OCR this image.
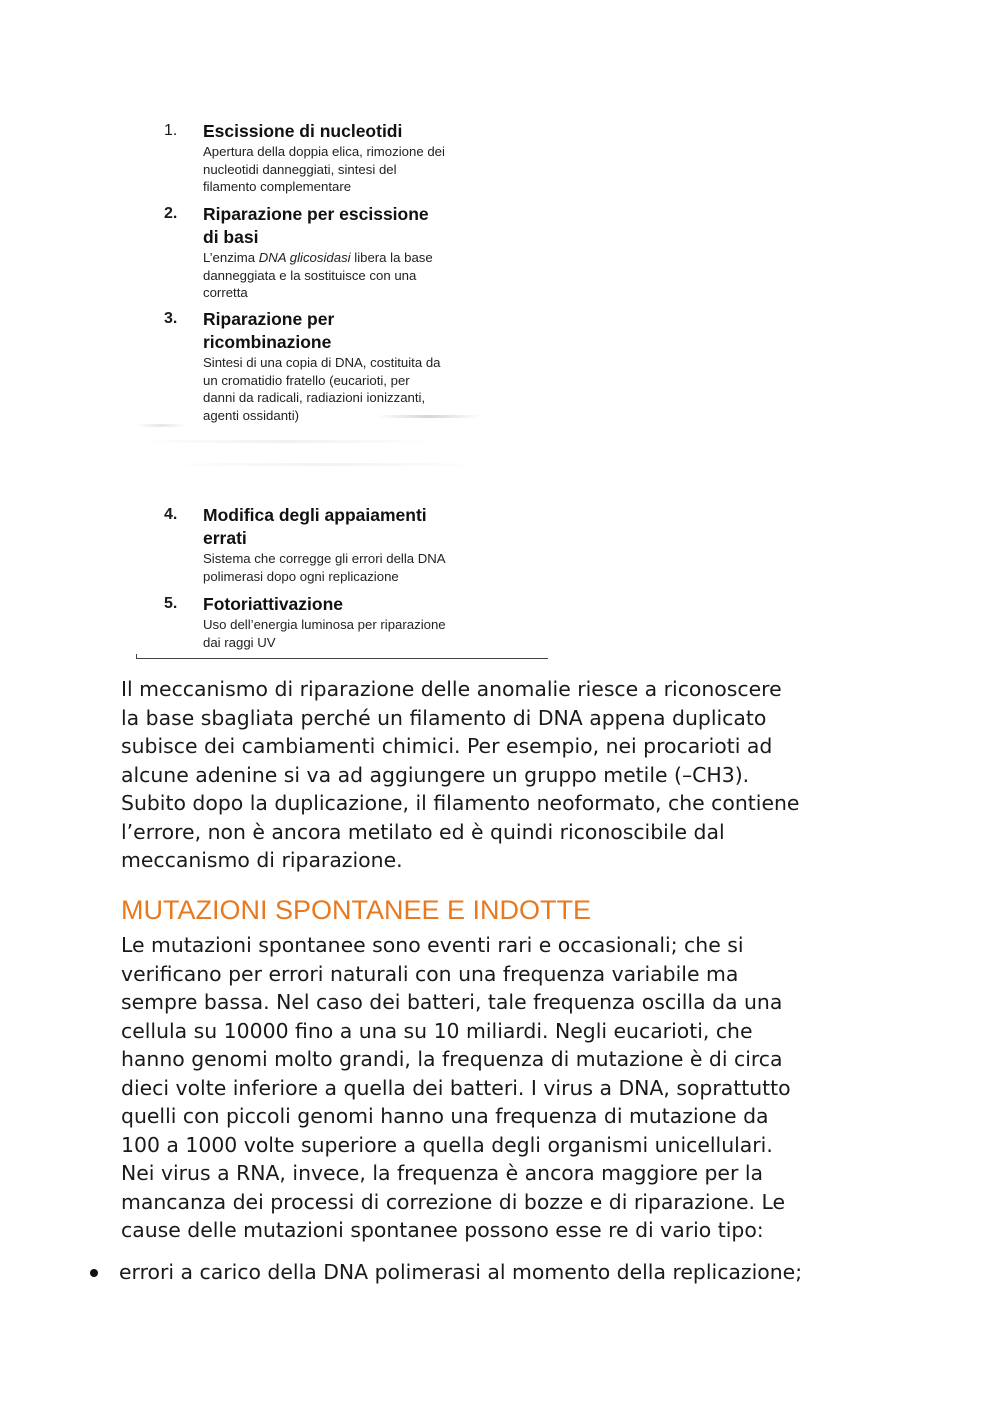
1. Escissione di nucleotidi
Apertura della doppia elica, rimozione dei
nucleotidi danneggiati, sintesi del
filamento complementare
2. Riparazione per escissione
di basi
L’enzima DNA glicosidasi libera la base
danneggiata e la sostituisce con una
corretta
3. Riparazione per
ricombinazione
Sintesi di una copia di DNA, costituita da
un cromatidio fratello (eucarioti, per
danni da radicali, radiazioni ionizzanti,
agenti ossidanti)
4. Modifica degli appaiamenti
errati
Sistema che corregge gli errori della DNA
polimerasi dopo ogni replicazione
5. Fotoriattivazione
Uso dell’energia luminosa per riparazione
dai raggi UV

Il meccanismo di riparazione delle anomalie riesce a riconoscere
la base sbagliata perché un filamento di DNA appena duplicato
subisce dei cambiamenti chimici. Per esempio, nei procarioti ad
alcune adenine si va ad aggiungere un gruppo metile (–CH3).
Subito dopo la duplicazione, il filamento neoformato, che contiene
l’errore, non è ancora metilato ed è quindi riconoscibile dal
meccanismo di riparazione.

MUTAZIONI SPONTANEE E INDOTTE

Le mutazioni spontanee sono eventi rari e occasionali; che si
verificano per errori naturali con una frequenza variabile ma
sempre bassa. Nel caso dei batteri, tale frequenza oscilla da una
cellula su 10000 fino a una su 10 miliardi. Negli eucarioti, che
hanno genomi molto grandi, la frequenza di mutazione è di circa
dieci volte inferiore a quella dei batteri. I virus a DNA, soprattutto
quelli con piccoli genomi hanno una frequenza di mutazione da
100 a 1000 volte superiore a quella degli organismi unicellulari.
Nei virus a RNA, invece, la frequenza è ancora maggiore per la
mancanza dei processi di correzione di bozze e di riparazione. Le
cause delle mutazioni spontanee possono esse re di vario tipo:

errori a carico della DNA polimerasi al momento della replicazione;
